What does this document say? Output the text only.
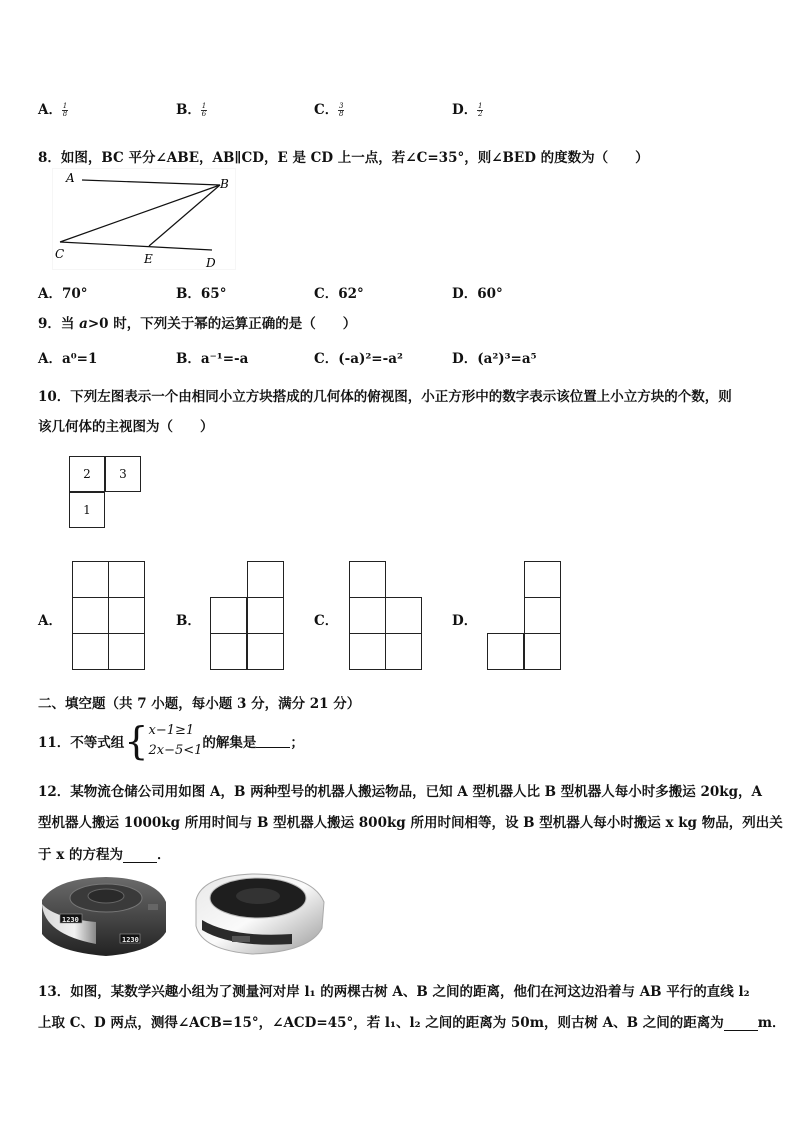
A． $\frac{1}{8}$	B． $\frac{1}{6}$	C． $\frac{3}{8}$	D． $\frac{1}{2}$
8．如图，BC 平分∠ABE，AB∥CD，E 是 CD 上一点，若∠C=35°，则∠BED 的度数为（　　）
A	B
C	E	D
A．70°	B．65°	C．62°	D．60°
9．当 a>0 时，下列关于幂的运算正确的是（　　）
A．a⁰=1	B．a⁻¹=-a	C．(-a)²=-a²	D．(a²)³=a⁵
10．下列左图表示一个由相同小立方块搭成的几何体的俯视图，小正方形中的数字表示该位置上小立方块的个数，则
该几何体的主视图为（　　）
2	3
1
A．	B．	C．	D．
二、填空题（共 7 小题，每小题 3 分，满分 21 分）
11．不等式组 { x−1≥1
2x−5<1 的解集是	；
12．某物流仓储公司用如图 A，B 两种型号的机器人搬运物品，已知 A 型机器人比 B 型机器人每小时多搬运 20kg，A
型机器人搬运 1000kg 所用时间与 B 型机器人搬运 800kg 所用时间相等，设 B 型机器人每小时搬运 x kg 物品，列出关
于 x 的方程为	．
1230
1230
13．如图，某数学兴趣小组为了测量河对岸 l₁ 的两棵古树 A、B 之间的距离，他们在河这边沿着与 AB 平行的直线 l₂
上取 C、D 两点，测得∠ACB=15°，∠ACD=45°，若 l₁、l₂ 之间的距离为 50m，则古树 A、B 之间的距离为	m．
